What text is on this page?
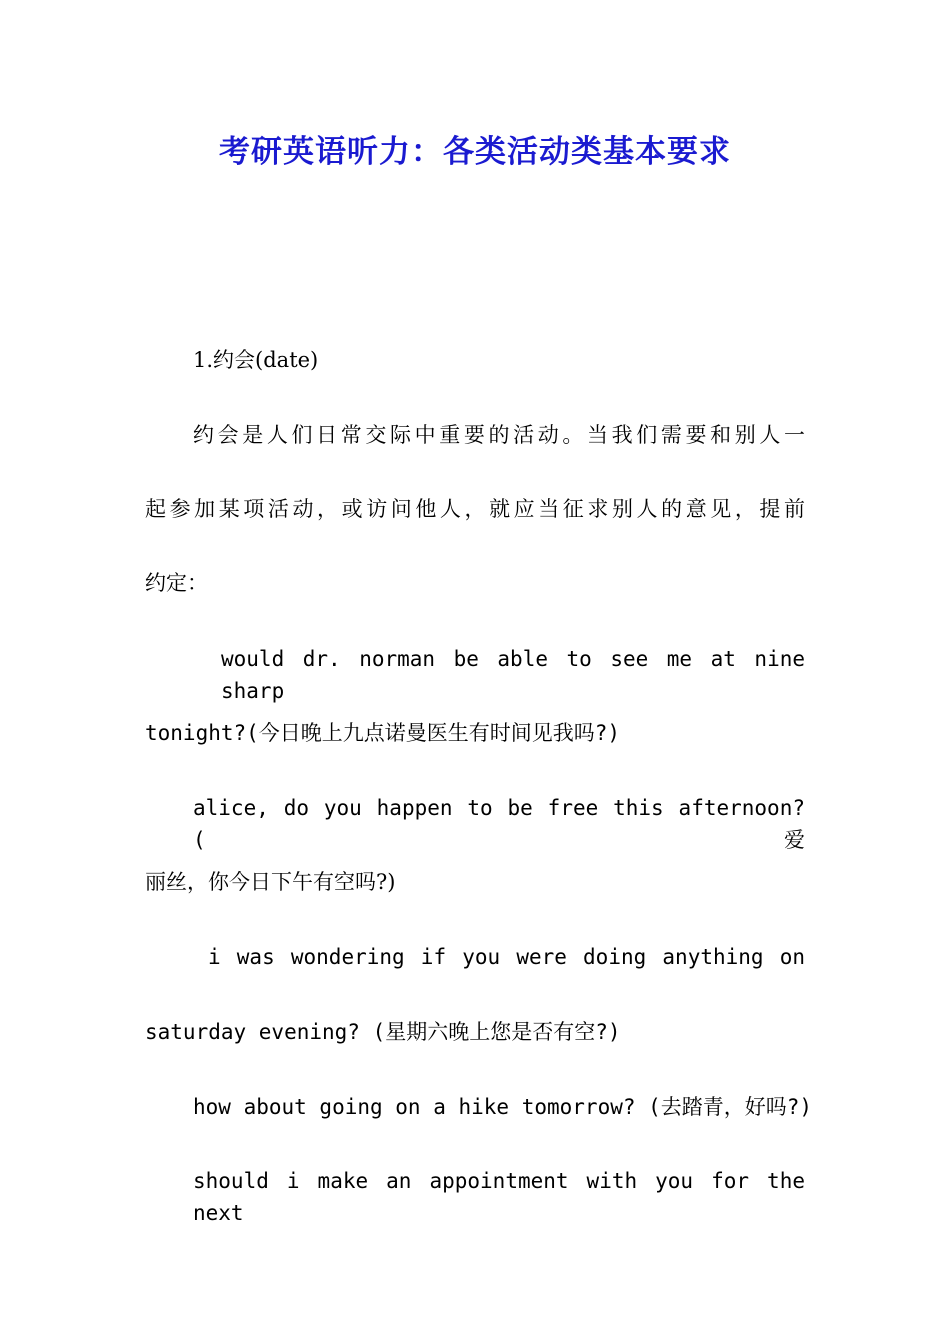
考研英语听力：各类活动类基本要求
1.约会(date)
约会是人们日常交际中重要的活动。当我们需要和别人一
起参加某项活动，或访问他人，就应当征求别人的意见，提前
约定：
would dr. norman be able to see me at nine sharp
tonight?(今日晚上九点诺曼医生有时间见我吗?)
alice, do you happen to be free this afternoon?(爱
丽丝，你今日下午有空吗?)
i was wondering if you were doing anything on
saturday evening? (星期六晚上您是否有空?)
how about going on a hike tomorrow? (去踏青，好吗?)
should i make an appointment with you for the next
